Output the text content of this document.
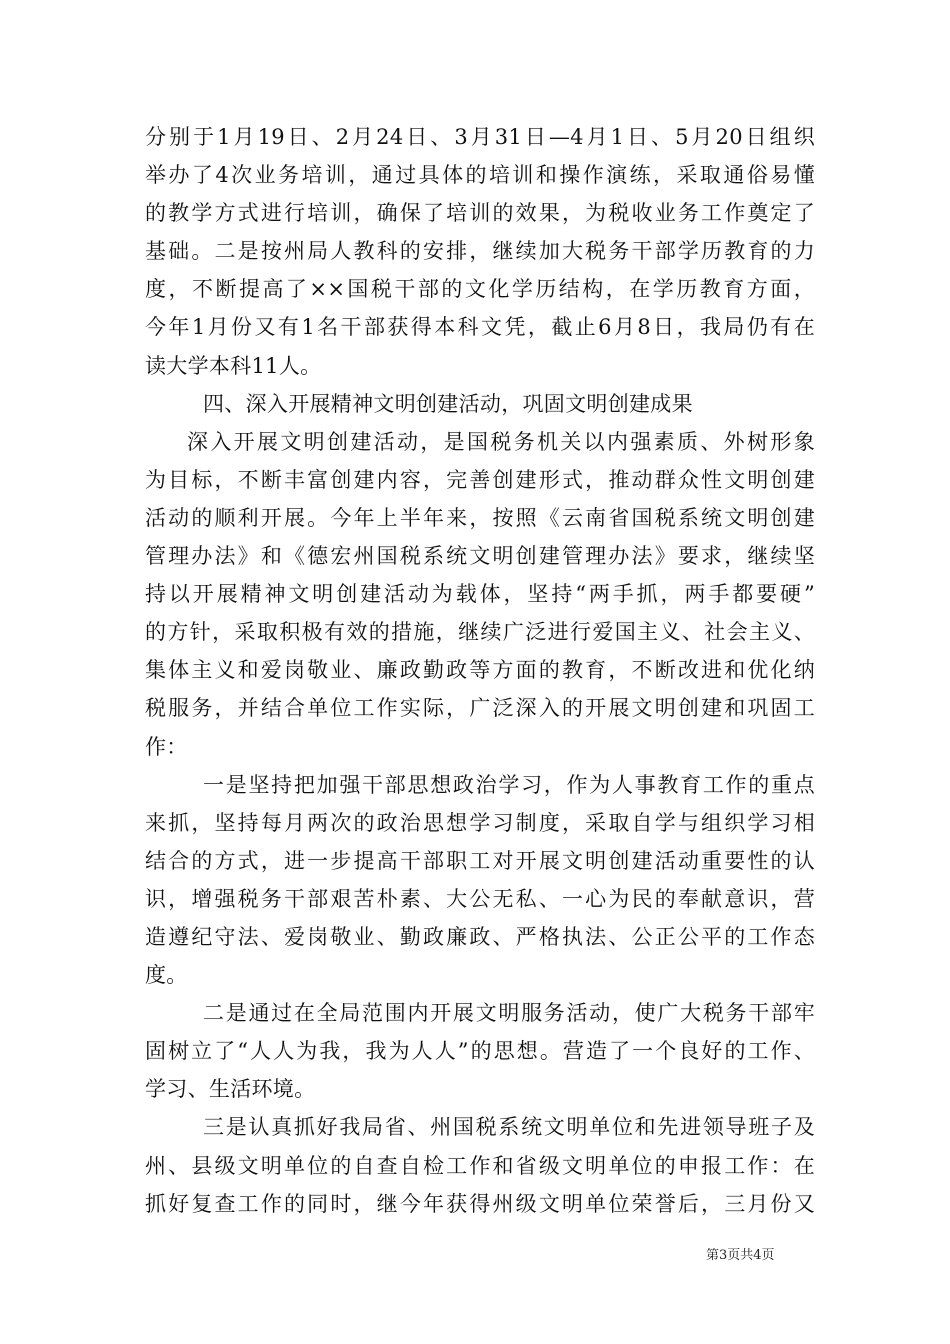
分别于1月19日、2月24日、3月31日—4月1日、5月20日组织
举办了4次业务培训，通过具体的培训和操作演练，采取通俗易懂
的教学方式进行培训，确保了培训的效果，为税收业务工作奠定了
基础。二是按州局人教科的安排，继续加大税务干部学历教育的力
度，不断提高了××国税干部的文化学历结构，在学历教育方面，
今年1月份又有1名干部获得本科文凭，截止6月8日，我局仍有在
读大学本科11人。
四、深入开展精神文明创建活动，巩固文明创建成果
深入开展文明创建活动，是国税务机关以内强素质、外树形象
为目标，不断丰富创建内容，完善创建形式，推动群众性文明创建
活动的顺利开展。今年上半年来，按照《云南省国税系统文明创建
管理办法》和《德宏州国税系统文明创建管理办法》要求，继续坚
持以开展精神文明创建活动为载体，坚持“两手抓，两手都要硬”
的方针，采取积极有效的措施，继续广泛进行爱国主义、社会主义、
集体主义和爱岗敬业、廉政勤政等方面的教育，不断改进和优化纳
税服务，并结合单位工作实际，广泛深入的开展文明创建和巩固工
作：
一是坚持把加强干部思想政治学习，作为人事教育工作的重点
来抓，坚持每月两次的政治思想学习制度，采取自学与组织学习相
结合的方式，进一步提高干部职工对开展文明创建活动重要性的认
识，增强税务干部艰苦朴素、大公无私、一心为民的奉献意识，营
造遵纪守法、爱岗敬业、勤政廉政、严格执法、公正公平的工作态
度。
二是通过在全局范围内开展文明服务活动，使广大税务干部牢
固树立了“人人为我，我为人人”的思想。营造了一个良好的工作、
学习、生活环境。
三是认真抓好我局省、州国税系统文明单位和先进领导班子及
州、县级文明单位的自查自检工作和省级文明单位的申报工作：在
抓好复查工作的同时，继今年获得州级文明单位荣誉后，三月份又
第3页共4页
